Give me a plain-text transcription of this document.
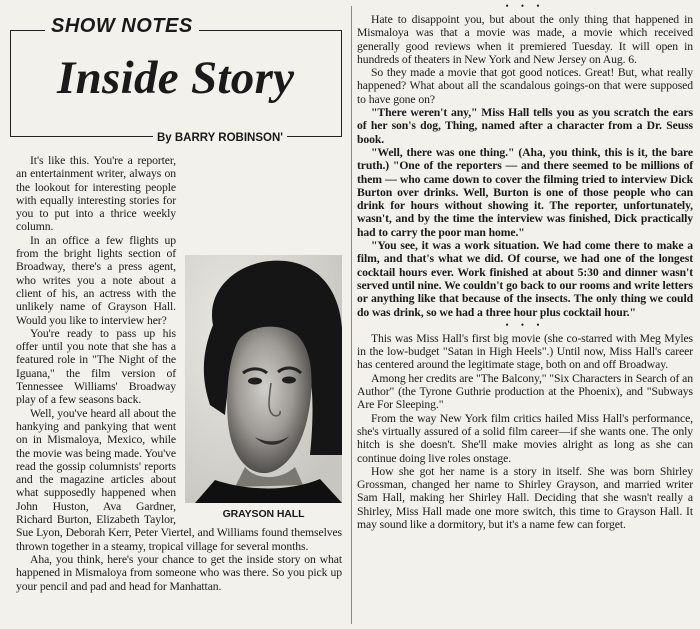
SHOW NOTES
Inside Story
By BARRY ROBINSON'
GRAYSON HALL

It's like this. You're a reporter, an entertainment writer, always on the lookout for interesting people with equally interesting stories for you to put into a thrice weekly column.

In an office a few flights up from the bright lights section of Broadway, there's a press agent, who writes you a note about a client of his, an actress with the unlikely name of Grayson Hall. Would you like to interview her?

You're ready to pass up his offer until you note that she has a featured role in "The Night of the Iguana," the film version of Tennessee Williams' Broadway play of a few seasons back.

Well, you've heard all about the hankying and pankying that went on in Mismaloya, Mexico, while the movie was being made. You've read the gossip columnists' reports and the magazine articles about what supposedly happened when John Huston, Ava Gardner, Richard Burton, Elizabeth Taylor, Sue Lyon, Deborah Kerr, Peter Viertel, and Williams found themselves thrown together in a steamy, tropical village for several months.

Aha, you think, here's your chance to get the inside story on what happened in Mismaloya from someone who was there. So you pick up your pencil and pad and head for Manhattan.

• • •

Hate to disappoint you, but about the only thing that happened in Mismaloya was that a movie was made, a movie which received generally good reviews when it premiered Tuesday. It will open in hundreds of theaters in New York and New Jersey on Aug. 6.

So they made a movie that got good notices. Great! But, what really happened? What about all the scandalous goings-on that were supposed to have gone on?

"There weren't any," Miss Hall tells you as you scratch the ears of her son's dog, Thing, named after a character from a Dr. Seuss book.

"Well, there was one thing." (Aha, you think, this is it, the bare truth.) "One of the reporters — and there seemed to be millions of them — who came down to cover the filming tried to interview Dick Burton over drinks. Well, Burton is one of those people who can drink for hours without showing it. The reporter, unfortunately, wasn't, and by the time the interview was finished, Dick practically had to carry the poor man home."

"You see, it was a work situation. We had come there to make a film, and that's what we did. Of course, we had one of the longest cocktail hours ever. Work finished at about 5:30 and dinner wasn't served until nine. We couldn't go back to our rooms and write letters or anything like that because of the insects. The only thing we could do was drink, so we had a three hour plus cocktail hour."

• • •

This was Miss Hall's first big movie (she co-starred with Meg Myles in the low-budget "Satan in High Heels".) Until now, Miss Hall's career has centered around the legitimate stage, both on and off Broadway.

Among her credits are "The Balcony," "Six Characters in Search of an Author" (the Tyrone Guthrie production at the Phoenix), and "Subways Are For Sleeping."

From the way New York film critics hailed Miss Hall's performance, she's virtually assured of a solid film career—if she wants one. The only hitch is she doesn't. She'll make movies alright as long as she can continue doing live roles onstage.

How she got her name is a story in itself. She was born Shirley Grossman, changed her name to Shirley Grayson, and married writer Sam Hall, making her Shirley Hall. Deciding that she wasn't really a Shirley, Miss Hall made one more switch, this time to Grayson Hall. It may sound like a dormitory, but it's a name few can forget.
